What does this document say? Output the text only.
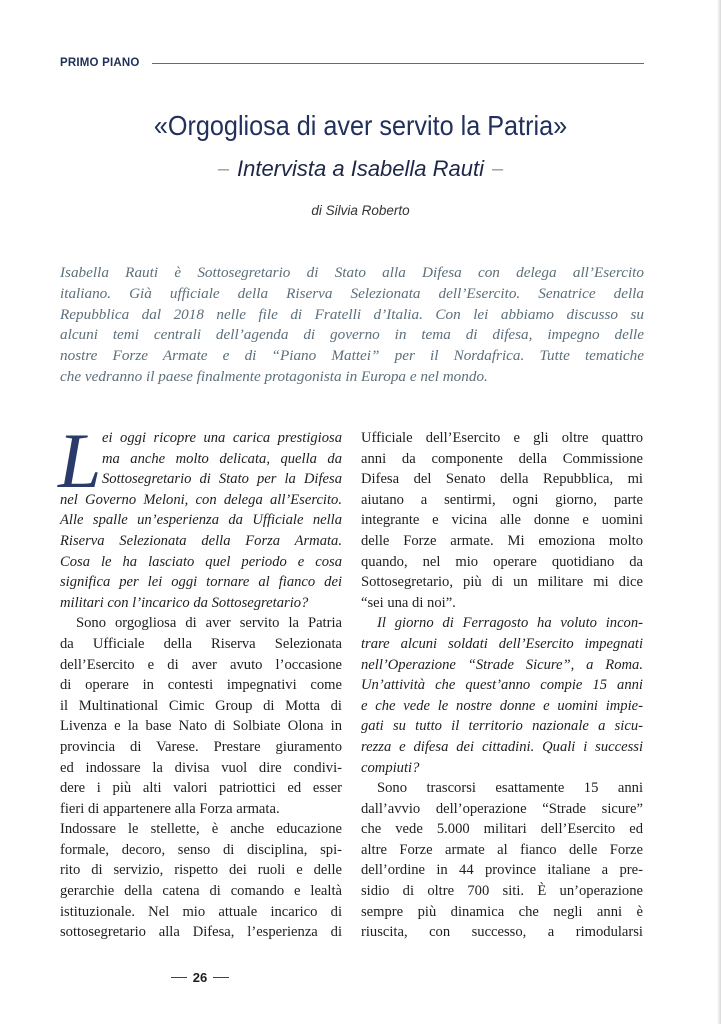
PRIMO PIANO
«Orgogliosa di aver servito la Patria»
– Intervista a Isabella Rauti –
di Silvia Roberto
Isabella Rauti è Sottosegretario di Stato alla Difesa con delega all’Esercito
italiano. Già ufficiale della Riserva Selezionata dell’Esercito. Senatrice della
Repubblica dal 2018 nelle file di Fratelli d’Italia. Con lei abbiamo discusso su
alcuni temi centrali dell’agenda di governo in tema di difesa, impegno delle
nostre Forze Armate e di “Piano Mattei” per il Nordafrica. Tutte tematiche
che vedranno il paese finalmente protagonista in Europa e nel mondo.
L ei oggi ricopre una carica prestigiosa
ma anche molto delicata, quella da
Sottosegretario di Stato per la Difesa
nel Governo Meloni, con delega all’Esercito.
Alle spalle un’esperienza da Ufficiale nella
Riserva Selezionata della Forza Armata.
Cosa le ha lasciato quel periodo e cosa
significa per lei oggi tornare al fianco dei
militari con l’incarico da Sottosegretario?
Sono orgogliosa di aver servito la Patria
da Ufficiale della Riserva Selezionata
dell’Esercito e di aver avuto l’occasione
di operare in contesti impegnativi come
il Multinational Cimic Group di Motta di
Livenza e la base Nato di Solbiate Olona in
provincia di Varese. Prestare giuramento
ed indossare la divisa vuol dire condivi-
dere i più alti valori patriottici ed esser
fieri di appartenere alla Forza armata.
Indossare le stellette, è anche educazione
formale, decoro, senso di disciplina, spi-
rito di servizio, rispetto dei ruoli e delle
gerarchie della catena di comando e lealtà
istituzionale. Nel mio attuale incarico di
sottosegretario alla Difesa, l’esperienza di
Ufficiale dell’Esercito e gli oltre quattro
anni da componente della Commissione
Difesa del Senato della Repubblica, mi
aiutano a sentirmi, ogni giorno, parte
integrante e vicina alle donne e uomini
delle Forze armate. Mi emoziona molto
quando, nel mio operare quotidiano da
Sottosegretario, più di un militare mi dice
“sei una di noi”.
Il giorno di Ferragosto ha voluto incon-
trare alcuni soldati dell’Esercito impegnati
nell’Operazione “Strade Sicure”, a Roma.
Un’attività che quest’anno compie 15 anni
e che vede le nostre donne e uomini impie-
gati su tutto il territorio nazionale a sicu-
rezza e difesa dei cittadini. Quali i successi
compiuti?
Sono trascorsi esattamente 15 anni
dall’avvio dell’operazione “Strade sicure”
che vede 5.000 militari dell’Esercito ed
altre Forze armate al fianco delle Forze
dell’ordine in 44 province italiane a pre-
sidio di oltre 700 siti. È un’operazione
sempre più dinamica che negli anni è
riuscita, con successo, a rimodularsi
26
